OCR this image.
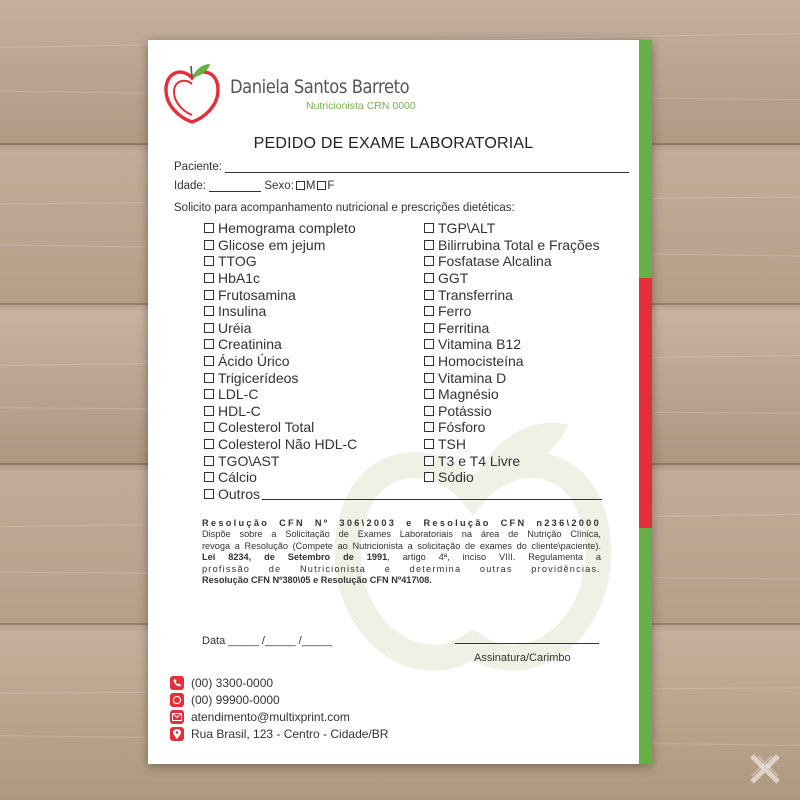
Daniela Santos Barreto
Nutricionista CRN 0000
PEDIDO DE EXAME LABORATORIAL
Paciente:
Idade:	Sexo: M F
Solicito para acompanhamento nutricional e prescrições dietéticas:
Hemograma completo
Glicose em jejum
TTOG
HbA1c
Frutosamina
Insulina
Uréia
Creatinina
Ácido Úrico
Trigicerídeos
LDL-C
HDL-C
Colesterol Total
Colesterol Não HDL-C
TGO\AST
Cálcio
Outros
TGP\ALT
Bilirrubina Total e Frações
Fosfatase Alcalina
GGT
Transferrina
Ferro
Ferritina
Vitamina B12
Homocisteína
Vitamina D
Magnésio
Potássio
Fósforo
TSH
T3 e T4 Livre
Sódio

Resolução CFN Nº 306\2003 e Resolução CFN n236\2000

Dispõe sobre a Solicitação de Exames Laboratoriais na área de Nutrição Clínica,

revoga a Resolução (Compete ao Nutricionista a solicitação de exames do cliente\paciente).

Lei 8234, de Setembro de 1991, artigo 4ª, inciso VIII. Regulamenta a

profissão de Nutricionista e determina outras providências.

Resolução CFN Nº380\05 e Resolução CFN Nº417\08.

Data _____ /_____ /_____
Assinatura/Carimbo
(00) 3300-0000
(00) 99900-0000
atendimento@multixprint.com
Rua Brasil, 123 - Centro - Cidade/BR
